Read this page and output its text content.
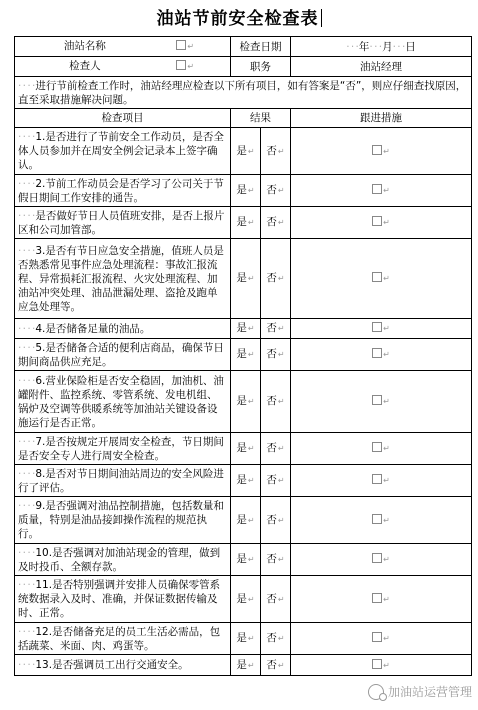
油站节前安全检查表
油站名称 ↵	检查日期		· · ·年· · ·月· · ·日
检查人 ↵	职务		油站经理
· · · ·进行节前检查工作时，油站经理应检查以下所有项目，如有答案是“否”，则应仔细查找原因，直至采取措施解决问题。			
检查项目	结果		跟进措施
· · · ·1.是否进行了节前安全工作动员，是否全体人员参加并在周安全例会记录本上签字确认。	是↵	否↵	↵
· · · ·2.节前工作动员会是否学习了公司关于节假日期间工作安排的通告。	是↵	否↵	↵
· · · ·是否做好节日人员值班安排，是否上报片区和公司加管部。	是↵	否↵	↵
· · · ·3.是否有节日应急安全措施，值班人员是否熟悉常见事件应急处理流程：事故汇报流程、异常损耗汇报流程、火灾处理流程、加油站冲突处理、油品泄漏处理、盗抢及跑单应急处理等。	是↵	否↵	↵
· · · ·4.是否储备足量的油品。	是↵	否↵	↵
· · · ·5.是否储备合适的便利店商品，确保节日期间商品供应充足。	是↵	否↵	↵
· · · ·6.营业保险柜是否安全稳固，加油机、油罐附件、监控系统、零管系统、发电机组、锅炉及空调等供暖系统等加油站关键设备设施运行是否正常。	是↵	否↵	↵
· · · ·7.是否按规定开展周安全检查，节日期间是否安全专人进行周安全检查。	是↵	否↵	↵
· · · ·8.是否对节日期间油站周边的安全风险进行了评估。	是↵	否↵	↵
· · · ·9.是否强调对油品控制措施，包括数量和质量，特别是油品接卸操作流程的规范执行。	是↵	否↵	↵
· · · ·10.是否强调对加油站现金的管理，做到及时投币、全额存款。	是↵	否↵	↵
· · · ·11.是否特别强调并安排人员确保零管系统数据录入及时、准确，并保证数据传输及时、正常。	是↵	否↵	↵
· · · ·12.是否储备充足的员工生活必需品，包括蔬菜、米面、肉、鸡蛋等。	是↵	否↵	↵
· · · ·13.是否强调员工出行交通安全。	是↵	否↵	↵
加油站运营管理
